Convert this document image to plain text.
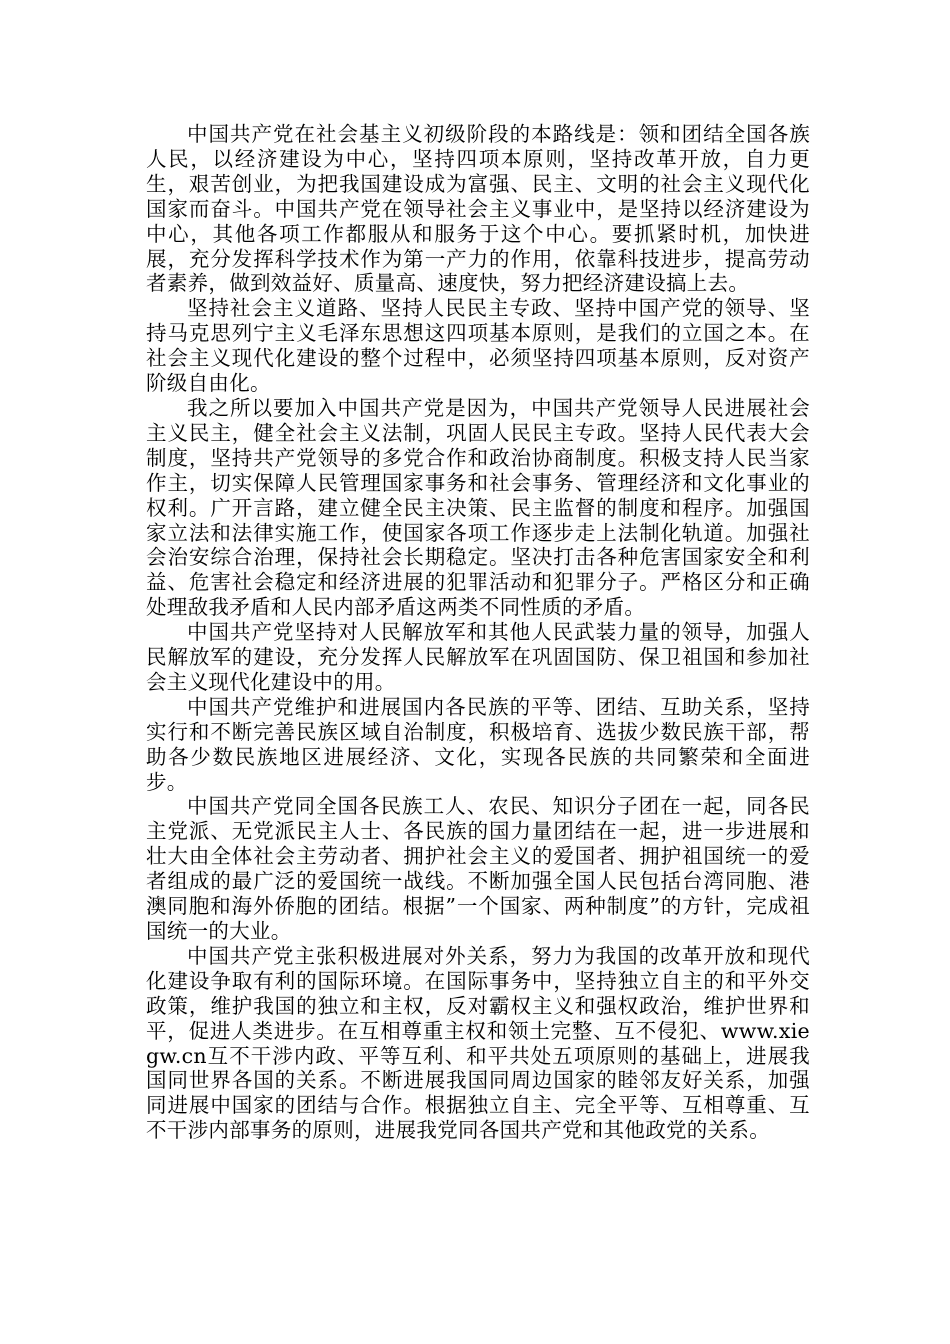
中国共产党在社会基主义初级阶段的本路线是：领和团结全国各族人民，以经济建设为中心，坚持四项本原则，坚持改革开放，自力更生，艰苦创业，为把我国建设成为富强、民主、文明的社会主义现代化国家而奋斗。中国共产党在领导社会主义事业中，是坚持以经济建设为中心，其他各项工作都服从和服务于这个中心。要抓紧时机，加快进展，充分发挥科学技术作为第一产力的作用，依靠科技进步，提高劳动者素养，做到效益好、质量高、速度快，努力把经济建设搞上去。

坚持社会主义道路、坚持人民民主专政、坚持中国产党的领导、坚持马克思列宁主义毛泽东思想这四项基本原则，是我们的立国之本。在社会主义现代化建设的整个过程中，必须坚持四项基本原则，反对资产阶级自由化。

我之所以要加入中国共产党是因为，中国共产党领导人民进展社会主义民主，健全社会主义法制，巩固人民民主专政。坚持人民代表大会制度，坚持共产党领导的多党合作和政治协商制度。积极支持人民当家作主，切实保障人民管理国家事务和社会事务、管理经济和文化事业的权利。广开言路，建立健全民主决策、民主监督的制度和程序。加强国家立法和法律实施工作，使国家各项工作逐步走上法制化轨道。加强社会治安综合治理，保持社会长期稳定。坚决打击各种危害国家安全和利益、危害社会稳定和经济进展的犯罪活动和犯罪分子。严格区分和正确处理敌我矛盾和人民内部矛盾这两类不同性质的矛盾。

中国共产党坚持对人民解放军和其他人民武装力量的领导，加强人民解放军的建设，充分发挥人民解放军在巩固国防、保卫祖国和参加社会主义现代化建设中的用。

中国共产党维护和进展国内各民族的平等、团结、互助关系，坚持实行和不断完善民族区域自治制度，积极培育、选拔少数民族干部，帮助各少数民族地区进展经济、文化，实现各民族的共同繁荣和全面进步。

中国共产党同全国各民族工人、农民、知识分子团在一起，同各民主党派、无党派民主人士、各民族的国力量团结在一起，进一步进展和壮大由全体社会主劳动者、拥护社会主义的爱国者、拥护祖国统一的爱者组成的最广泛的爱国统一战线。不断加强全国人民包括台湾同胞、港澳同胞和海外侨胞的团结。根据”一个国家、两种制度”的方针，完成祖国统一的大业。

中国共产党主张积极进展对外关系，努力为我国的改革开放和现代化建设争取有利的国际环境。在国际事务中，坚持独立自主的和平外交政策，维护我国的独立和主权，反对霸权主义和强权政治，维护世界和平，促进人类进步。在互相尊重主权和领土完整、互不侵犯、www.xiegw.cn互不干涉内政、平等互利、和平共处五项原则的基础上，进展我国同世界各国的关系。不断进展我国同周边国家的睦邻友好关系，加强同进展中国家的团结与合作。根据独立自主、完全平等、互相尊重、互不干涉内部事务的原则，进展我党同各国共产党和其他政党的关系。
